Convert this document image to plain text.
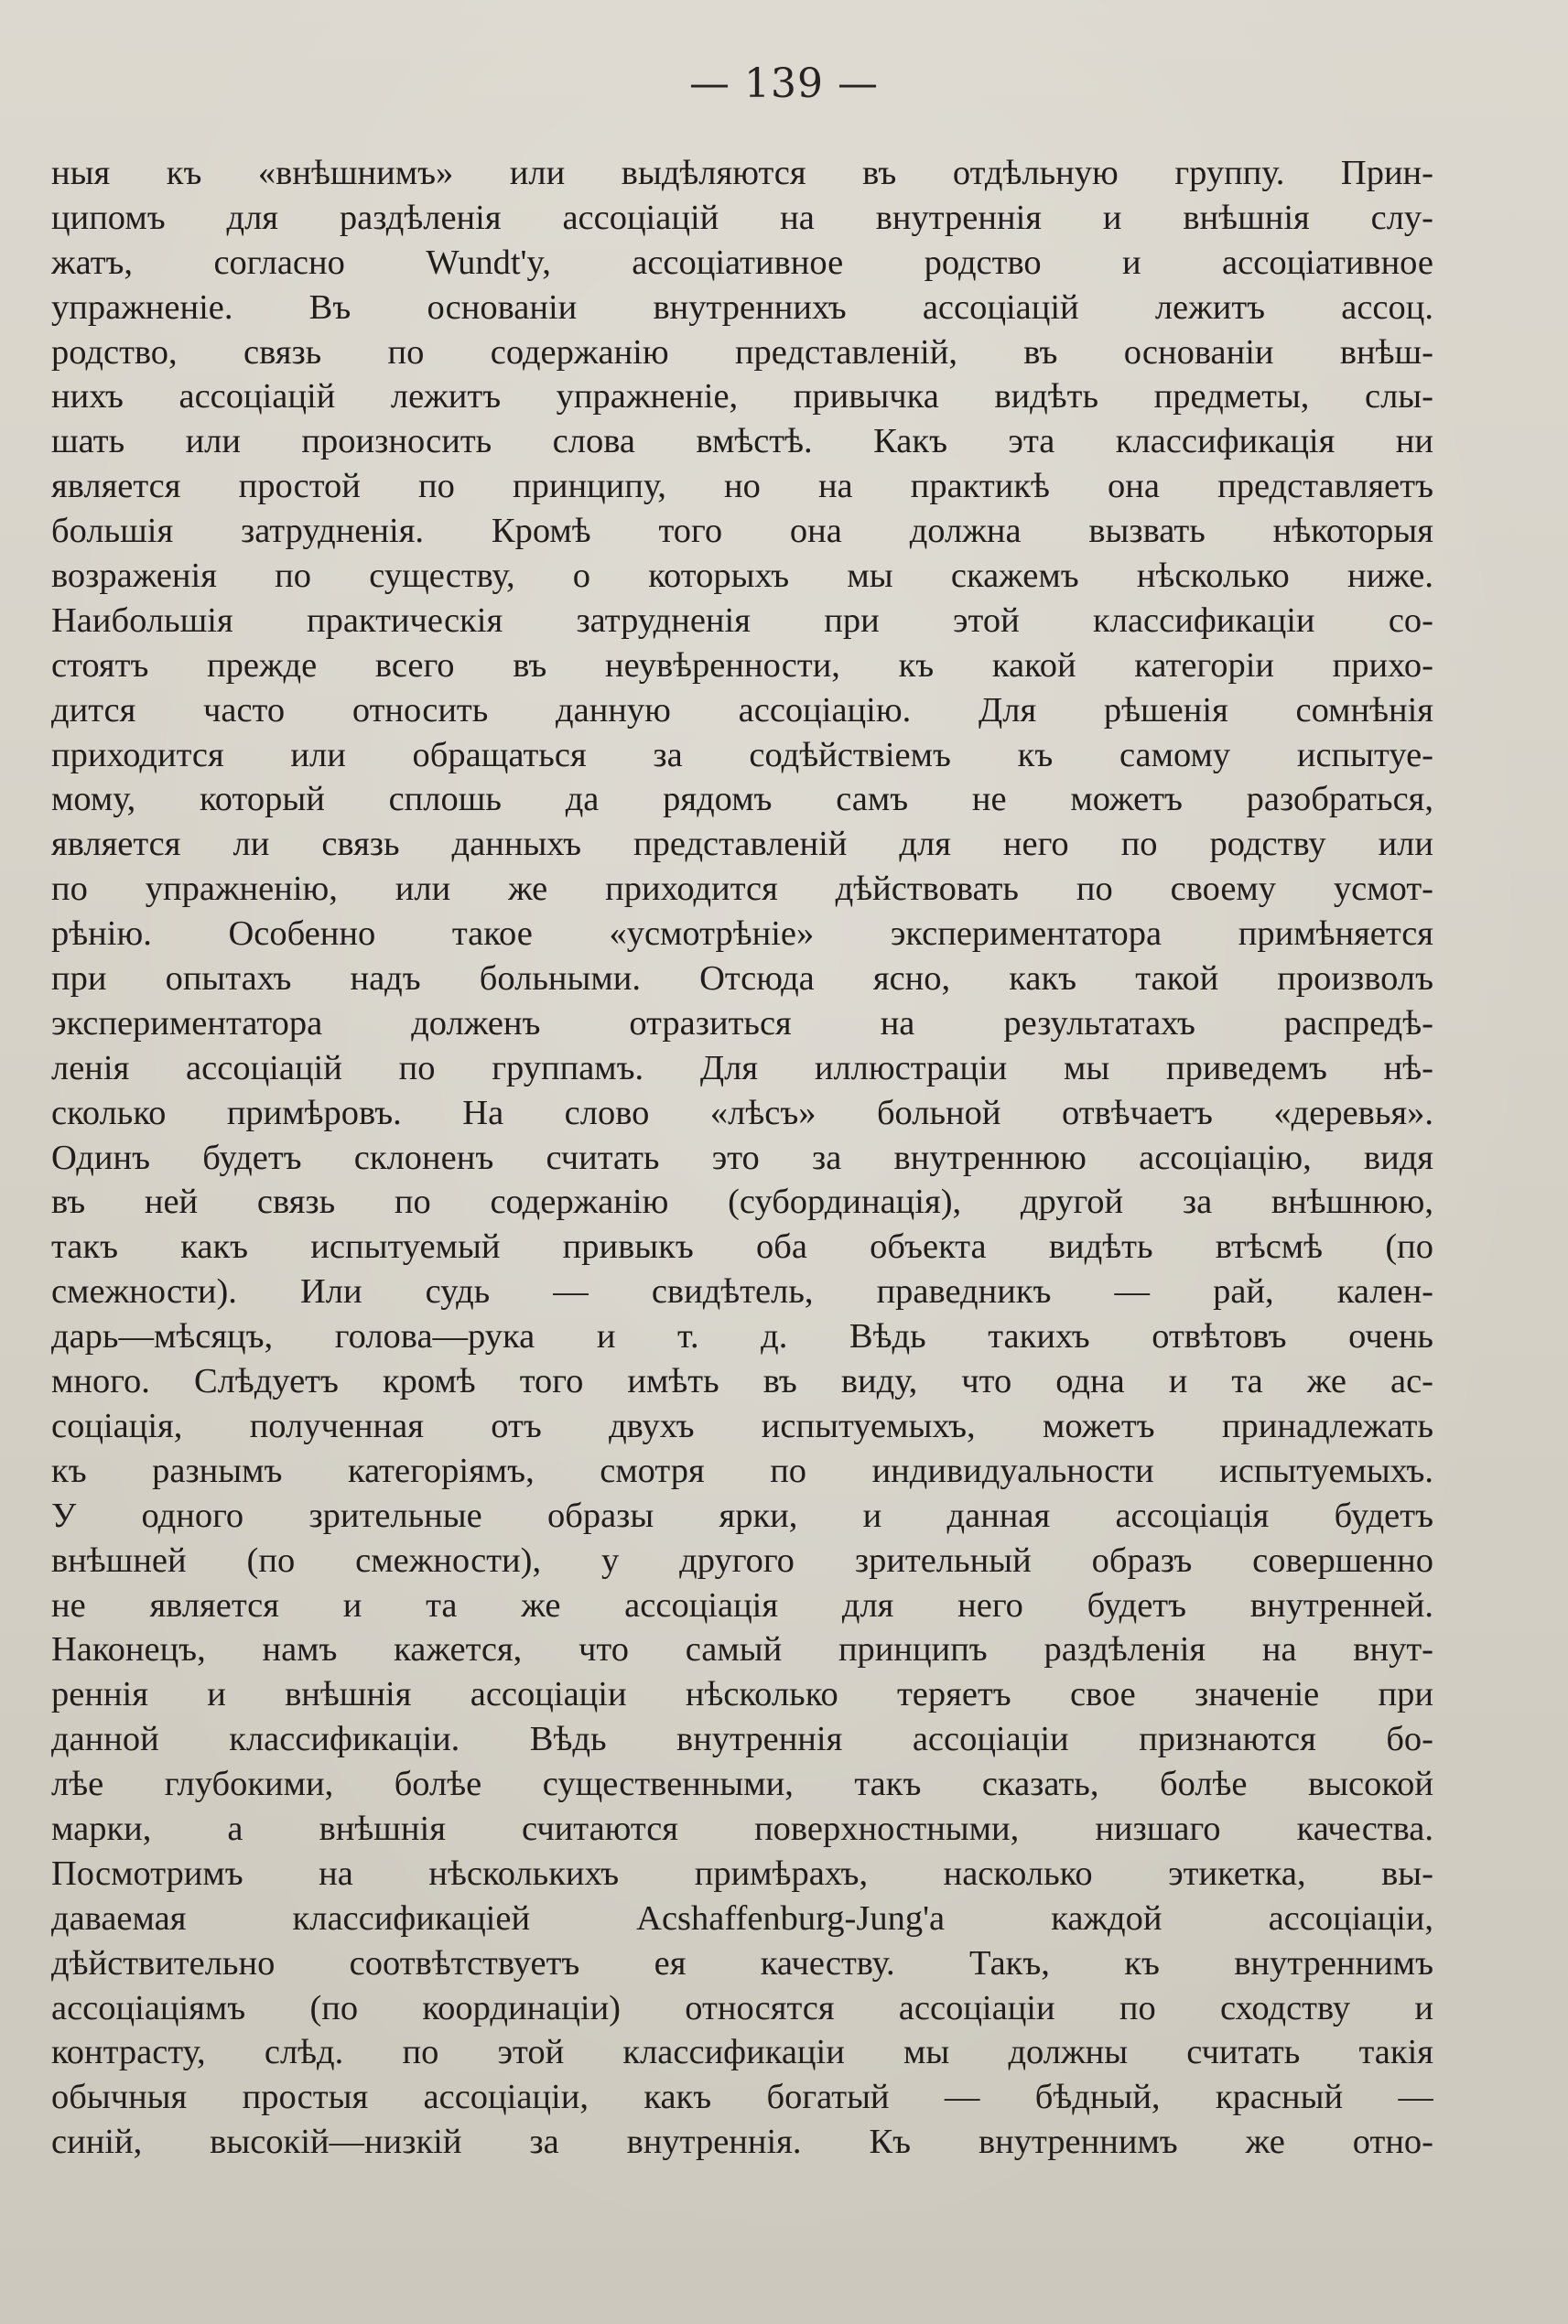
— 139 —
ныя къ «внѣшнимъ» или выдѣляются въ отдѣльную группу. Прин-
ципомъ для раздѣленія ассоціацій на внутреннія и внѣшнія слу-
жатъ, согласно Wundt'y, ассоціативное родство и ассоціативное
упражненіе. Въ основаніи внутреннихъ ассоціацій лежитъ ассоц.
родство, связь по содержанію представленій, въ основаніи внѣш-
нихъ ассоціацій лежитъ упражненіе, привычка видѣть предметы, слы-
шать или произносить слова вмѣстѣ. Какъ эта классификація ни
является простой по принципу, но на практикѣ она представляетъ
большія затрудненія. Кромѣ того она должна вызвать нѣкоторыя
возраженія по существу, о которыхъ мы скажемъ нѣсколько ниже.
Наибольшія практическія затрудненія при этой классификаціи со-
стоятъ прежде всего въ неувѣренности, къ какой категоріи прихо-
дится часто относить данную ассоціацію. Для рѣшенія сомнѣнія
приходится или обращаться за содѣйствіемъ къ самому испытуе-
мому, который сплошь да рядомъ самъ не можетъ разобраться,
является ли связь данныхъ представленій для него по родству или
по упражненію, или же приходится дѣйствовать по своему усмот-
рѣнію. Особенно такое «усмотрѣніе» экспериментатора примѣняется
при опытахъ надъ больными. Отсюда ясно, какъ такой произволъ
экспериментатора долженъ отразиться на результатахъ распредѣ-
ленія ассоціацій по группамъ. Для иллюстраціи мы приведемъ нѣ-
сколько примѣровъ. На слово «лѣсъ» больной отвѣчаетъ «деревья».
Одинъ будетъ склоненъ считать это за внутреннюю ассоціацію, видя
въ ней связь по содержанію (субординація), другой за внѣшнюю,
такъ какъ испытуемый привыкъ оба объекта видѣть втѣсмѣ (по
смежности). Или судь — свидѣтель, праведникъ — рай, кален-
дарь—мѣсяцъ, голова—рука и т. д. Вѣдь такихъ отвѣтовъ очень
много. Слѣдуетъ кромѣ того имѣть въ виду, что одна и та же ас-
соціація, полученная отъ двухъ испытуемыхъ, можетъ принадлежать
къ разнымъ категоріямъ, смотря по индивидуальности испытуемыхъ.
У одного зрительные образы ярки, и данная ассоціація будетъ
внѣшней (по смежности), у другого зрительный образъ совершенно
не является и та же ассоціація для него будетъ внутренней.
Наконецъ, намъ кажется, что самый принципъ раздѣленія на внут-
реннія и внѣшнія ассоціаціи нѣсколько теряетъ свое значеніе при
данной классификаціи. Вѣдь внутреннія ассоціаціи признаются бо-
лѣе глубокими, болѣе существенными, такъ сказать, болѣе высокой
марки, а внѣшнія считаются поверхностными, низшаго качества.
Посмотримъ на нѣсколькихъ примѣрахъ, насколько этикетка, вы-
даваемая классификаціей Acshaffenburg-Jung'a каждой ассоціаціи,
дѣйствительно соотвѣтствуетъ ея качеству. Такъ, къ внутреннимъ
ассоціаціямъ (по координаціи) относятся ассоціаціи по сходству и
контрасту, слѣд. по этой классификаціи мы должны считать такія
обычныя простыя ассоціаціи, какъ богатый — бѣдный, красный —
синій, высокій—низкій за внутреннія. Къ внутреннимъ же отно-
